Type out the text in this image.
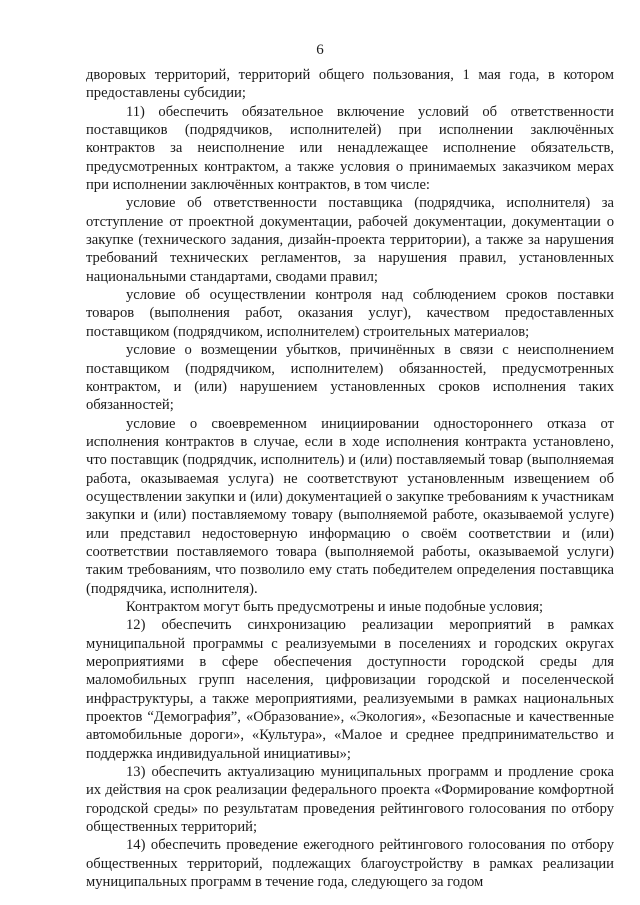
6

дворовых территорий, территорий общего пользования, 1 мая года, в котором предоставлены субсидии;

11) обеспечить обязательное включение условий об ответственности поставщиков (подрядчиков, исполнителей) при исполнении заключённых контрактов за неисполнение или ненадлежащее исполнение обязательств, предусмотренных контрактом, а также условия о принимаемых заказчиком мерах при исполнении заключённых контрактов, в том числе:

условие об ответственности поставщика (подрядчика, исполнителя) за отступление от проектной документации, рабочей документации, документации о закупке (технического задания, дизайн-проекта территории), а также за нарушения требований технических регламентов, за нарушения правил, установленных национальными стандартами, сводами правил;

условие об осуществлении контроля над соблюдением сроков поставки товаров (выполнения работ, оказания услуг), качеством предоставленных поставщиком (подрядчиком, исполнителем) строительных материалов;

условие о возмещении убытков, причинённых в связи с неисполнением поставщиком (подрядчиком, исполнителем) обязанностей, предусмотренных контрактом, и (или) нарушением установленных сроков исполнения таких обязанностей;

условие о своевременном инициировании одностороннего отказа от исполнения контрактов в случае, если в ходе исполнения контракта установлено, что поставщик (подрядчик, исполнитель) и (или) поставляемый товар (выполняемая работа, оказываемая услуга) не соответствуют установленным извещением об осуществлении закупки и (или) документацией о закупке требованиям к участникам закупки и (или) поставляемому товару (выполняемой работе, оказываемой услуге) или представил недостоверную информацию о своём соответствии и (или) соответствии поставляемого товара (выполняемой работы, оказываемой услуги) таким требованиям, что позволило ему стать победителем определения поставщика (подрядчика, исполнителя).

Контрактом могут быть предусмотрены и иные подобные условия;

12) обеспечить синхронизацию реализации мероприятий в рамках муниципальной программы с реализуемыми в поселениях и городских округах мероприятиями в сфере обеспечения доступности городской среды для маломобильных групп населения, цифровизации городской и поселенческой инфраструктуры, а также мероприятиями, реализуемыми в рамках национальных проектов “Демография”, «Образование», «Экология», «Безопасные и качественные автомобильные дороги», «Культура», «Малое и среднее предпринимательство и поддержка индивидуальной инициативы»;

13) обеспечить актуализацию муниципальных программ и продление срока их действия на срок реализации федерального проекта «Формирование комфортной городской среды» по результатам проведения рейтингового голосования по отбору общественных территорий;

14) обеспечить проведение ежегодного рейтингового голосования по отбору общественных территорий, подлежащих благоустройству в рамках реализации муниципальных программ в течение года, следующего за годом
